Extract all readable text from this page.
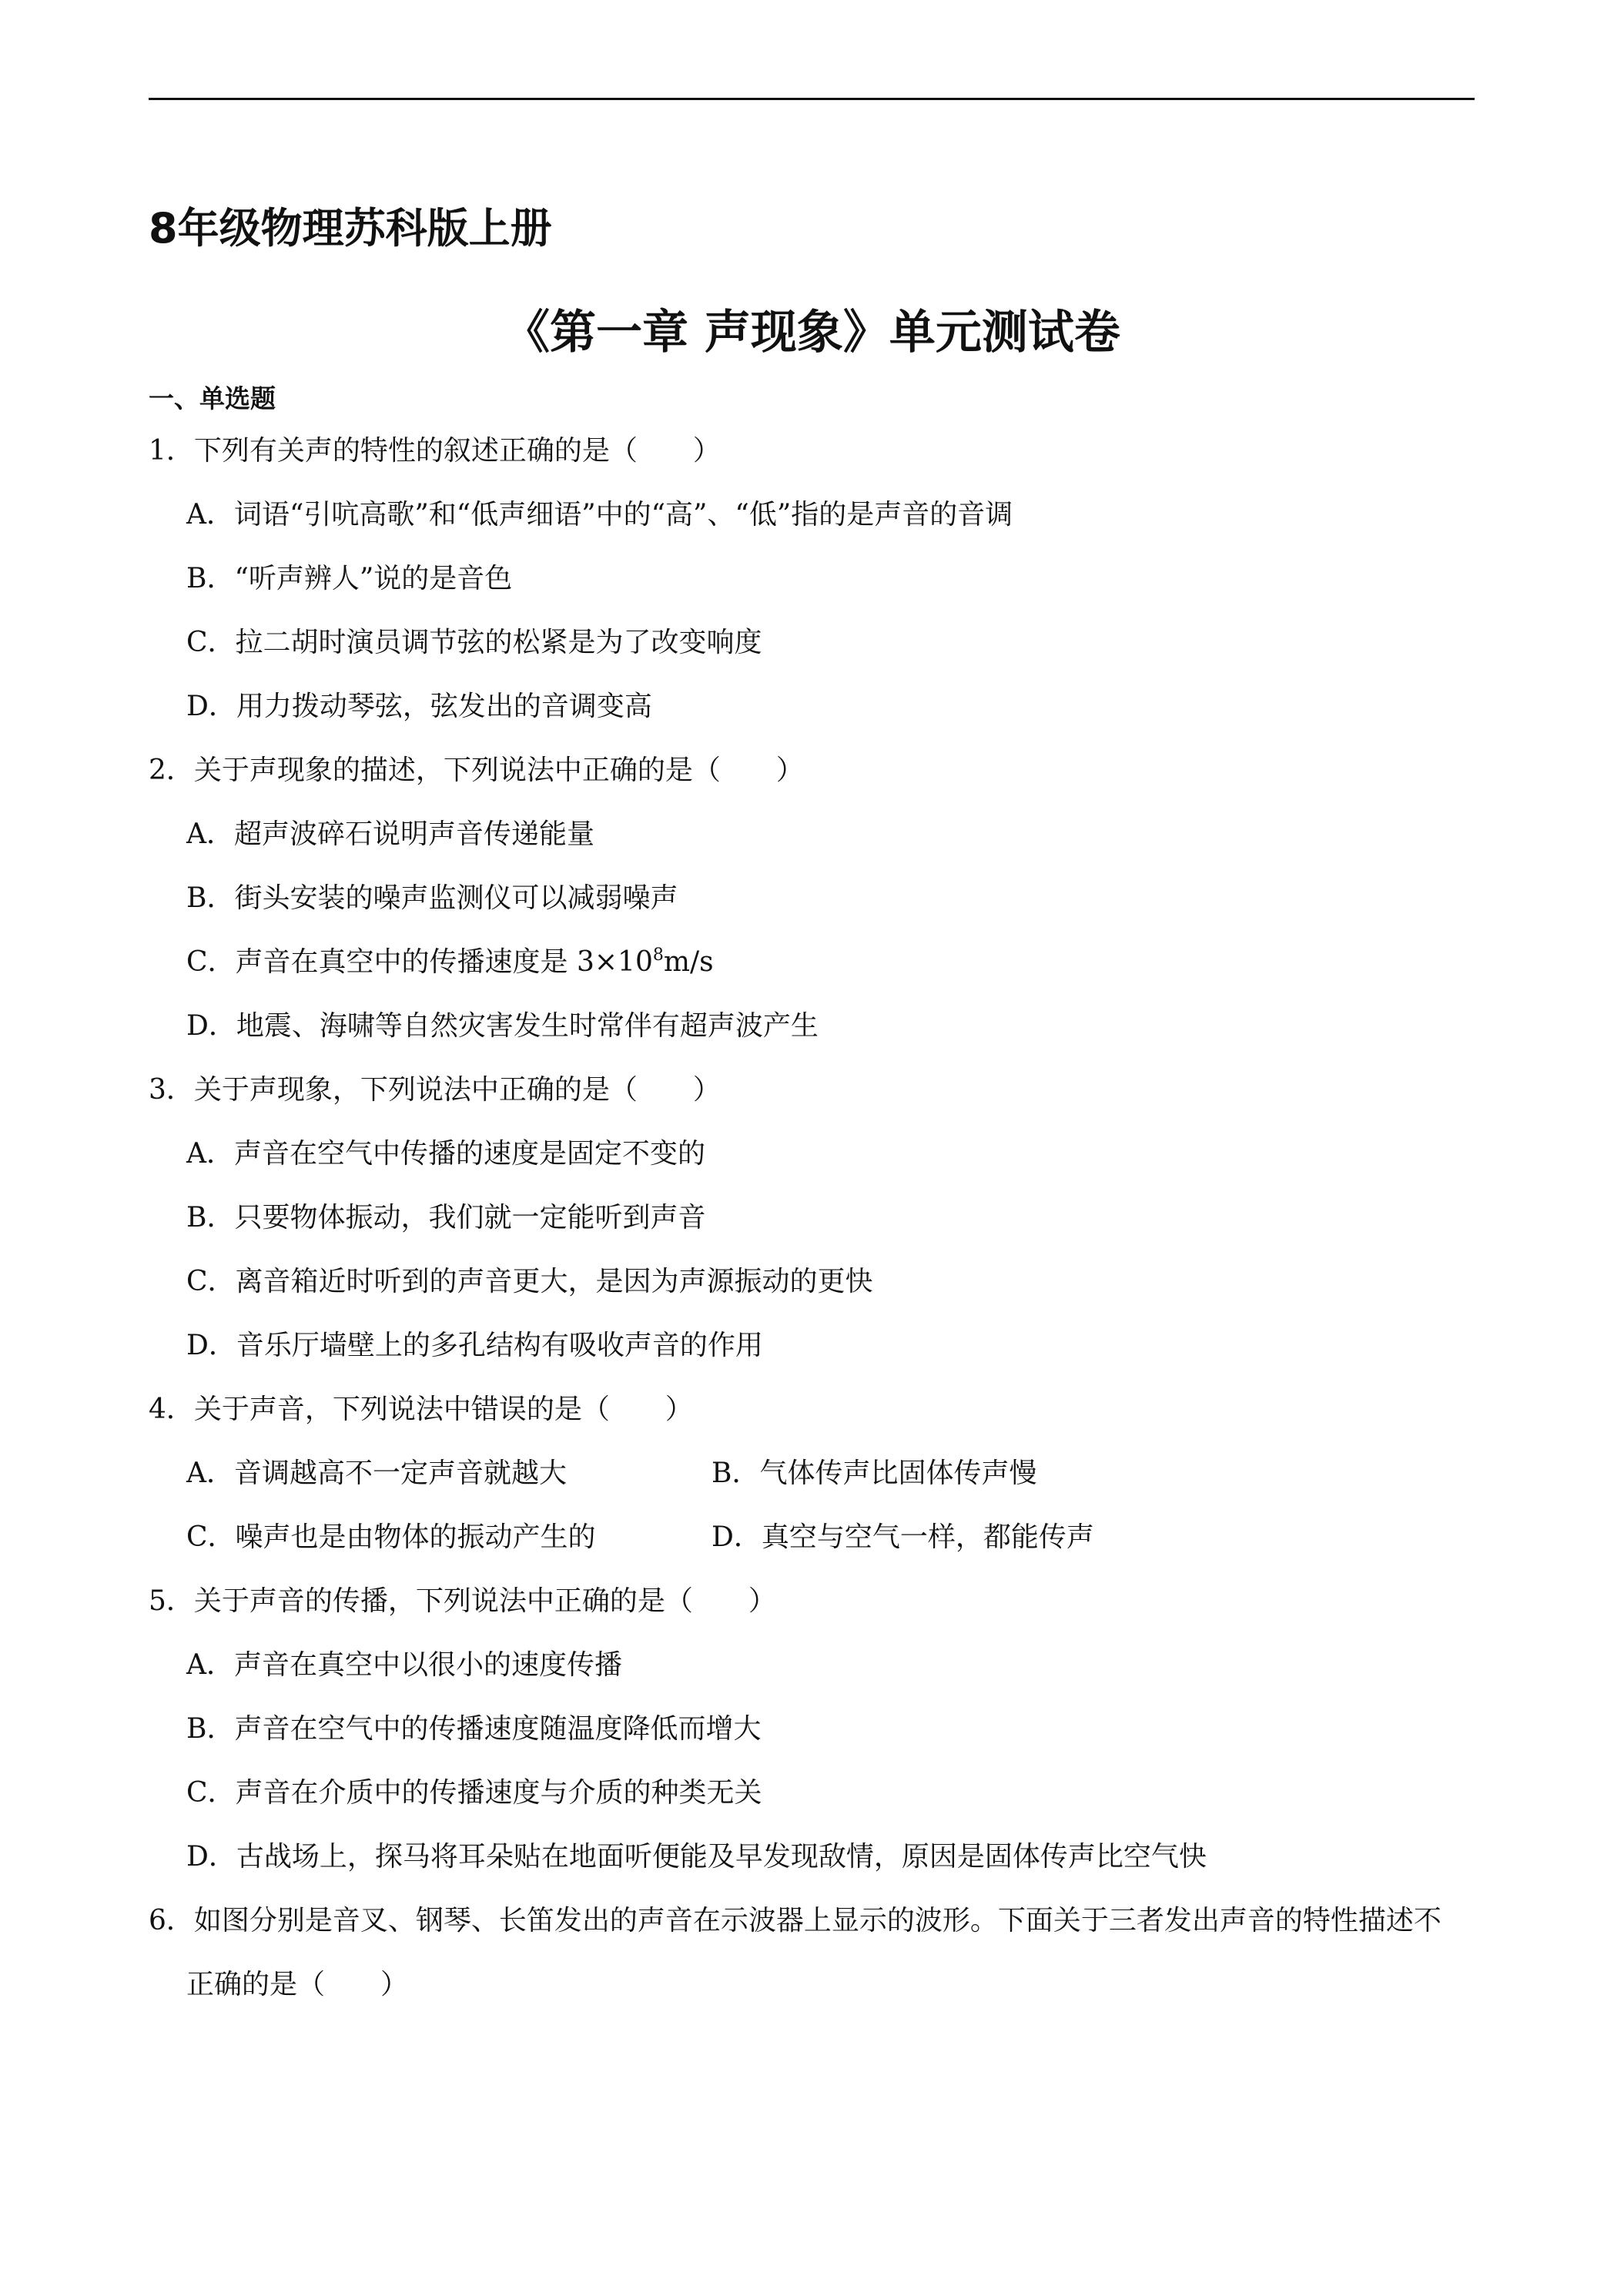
8年级物理苏科版上册
《第一章 声现象》单元测试卷
一、单选题
1．下列有关声的特性的叙述正确的是（　　）
A．词语“引吭高歌”和“低声细语”中的“高”、“低”指的是声音的音调
B．“听声辨人”说的是音色
C．拉二胡时演员调节弦的松紧是为了改变响度
D．用力拨动琴弦，弦发出的音调变高
2．关于声现象的描述，下列说法中正确的是（　　）
A．超声波碎石说明声音传递能量
B．街头安装的噪声监测仪可以减弱噪声
C．声音在真空中的传播速度是 $3\times 10^8m/s$
D．地震、海啸等自然灾害发生时常伴有超声波产生
3．关于声现象，下列说法中正确的是（　　）
A．声音在空气中传播的速度是固定不变的
B．只要物体振动，我们就一定能听到声音
C．离音箱近时听到的声音更大，是因为声源振动的更快
D．音乐厅墙壁上的多孔结构有吸收声音的作用
4．关于声音，下列说法中错误的是（　　）
A．音调越高不一定声音就越大	B．气体传声比固体传声慢
C．噪声也是由物体的振动产生的	D．真空与空气一样，都能传声
5．关于声音的传播，下列说法中正确的是（　　）
A．声音在真空中以很小的速度传播
B．声音在空气中的传播速度随温度降低而增大
C．声音在介质中的传播速度与介质的种类无关
D．古战场上，探马将耳朵贴在地面听便能及早发现敌情，原因是固体传声比空气快
6．如图分别是音叉、钢琴、长笛发出的声音在示波器上显示的波形。下面关于三者发出声音的特性描述不
正确的是（　　）
